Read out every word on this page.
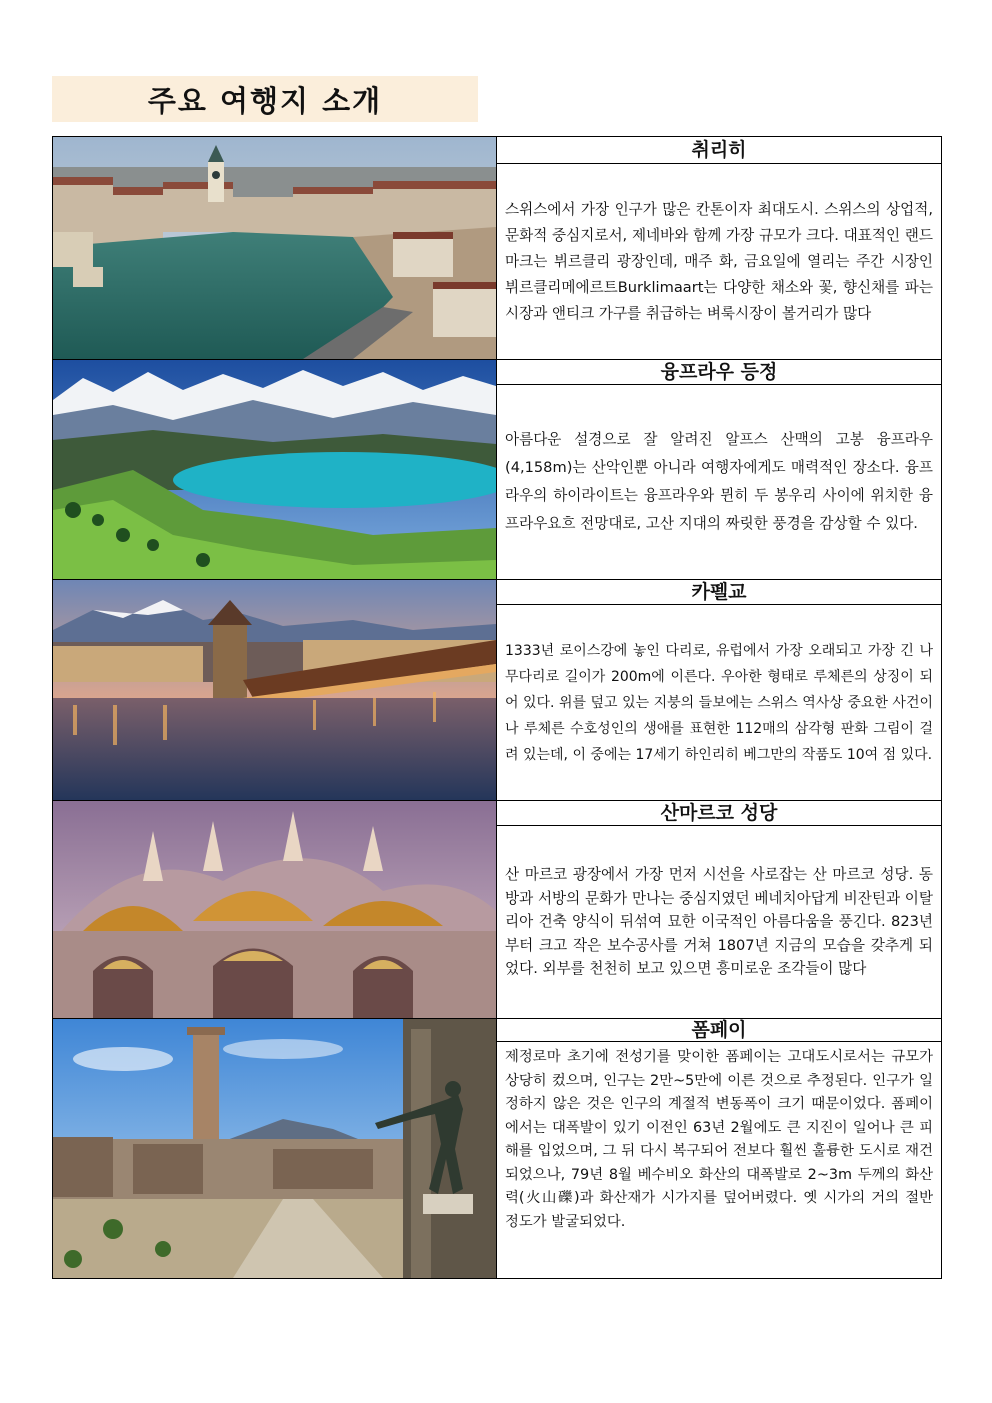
주요 여행지 소개

취리히
스위스에서 가장 인구가 많은 칸톤이자 최대도시. 스위스의 상업적, 문화적 중심지로서, 제네바와 함께 가장 규모가 크다. 대표적인 랜드마크는 뷔르클리 광장인데, 매주 화, 금요일에 열리는 주간 시장인 뷔르클리메에르트Burklimaart는 다양한 채소와 꽃, 향신채를 파는 시장과 앤티크 가구를 취급하는 벼룩시장이 볼거리가 많다

융프라우 등정
아름다운 설경으로 잘 알려진 알프스 산맥의 고봉 융프라우(4,158m)는 산악인뿐 아니라 여행자에게도 매력적인 장소다. 융프라우의 하이라이트는 융프라우와 뮌히 두 봉우리 사이에 위치한 융프라우요흐 전망대로, 고산 지대의 짜릿한 풍경을 감상할 수 있다.

카펠교
1333년 로이스강에 놓인 다리로, 유럽에서 가장 오래되고 가장 긴 나무다리로 길이가 200m에 이른다. 우아한 형태로 루체른의 상징이 되어 있다. 위를 덮고 있는 지붕의 들보에는 스위스 역사상 중요한 사건이나 루체른 수호성인의 생애를 표현한 112매의 삼각형 판화 그림이 걸려 있는데, 이 중에는 17세기 하인리히 베그만의 작품도 10여 점 있다.

산마르코 성당
산 마르코 광장에서 가장 먼저 시선을 사로잡는 산 마르코 성당. 동방과 서방의 문화가 만나는 중심지였던 베네치아답게 비잔틴과 이탈리아 건축 양식이 뒤섞여 묘한 이국적인 아름다움을 풍긴다. 823년부터 크고 작은 보수공사를 거쳐 1807년 지금의 모습을 갖추게 되었다. 외부를 천천히 보고 있으면 흥미로운 조각들이 많다

폼페이
제정로마 초기에 전성기를 맞이한 폼페이는 고대도시로서는 규모가 상당히 컸으며, 인구는 2만~5만에 이른 것으로 추정된다. 인구가 일정하지 않은 것은 인구의 계절적 변동폭이 크기 때문이었다. 폼페이에서는 대폭발이 있기 이전인 63년 2월에도 큰 지진이 일어나 큰 피해를 입었으며, 그 뒤 다시 복구되어 전보다 훨씬 훌륭한 도시로 재건되었으나, 79년 8월 베수비오 화산의 대폭발로 2~3m 두께의 화산력(火山礫)과 화산재가 시가지를 덮어버렸다. 옛 시가의 거의 절반 정도가 발굴되었다.
